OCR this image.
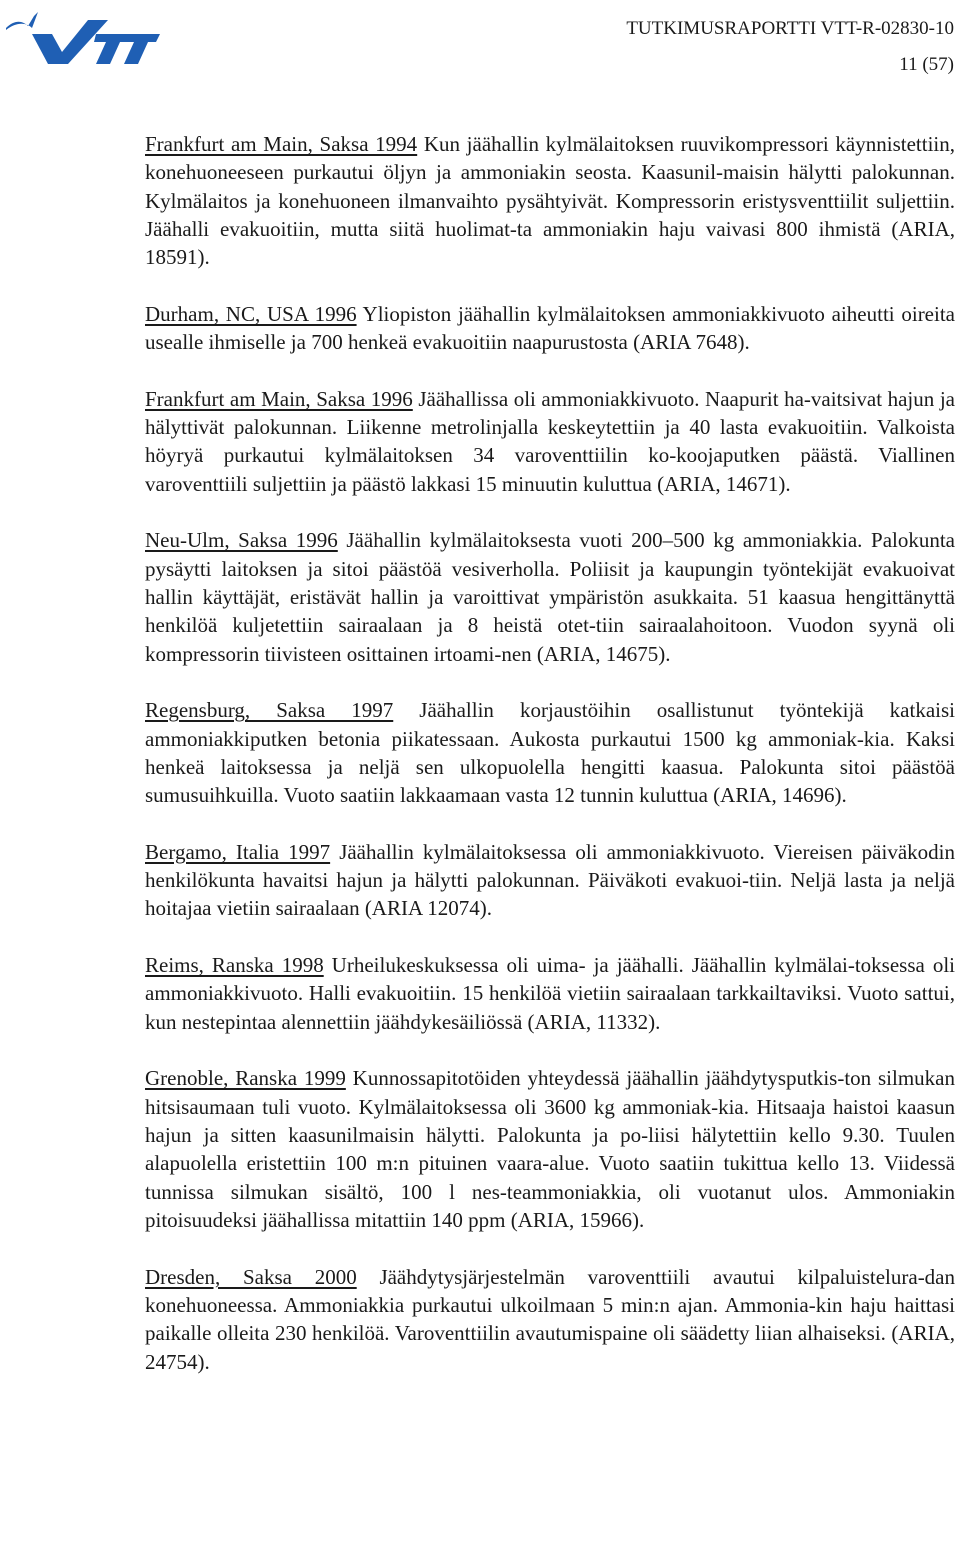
TUTKIMUSRAPORTTI VTT-R-02830-10
11 (57)

Frankfurt am Main, Saksa 1994 Kun jäähallin kylmälaitoksen ruuvikompressori käynnistettiin, konehuoneeseen purkautui öljyn ja ammoniakin seosta. Kaasunil-maisin hälytti palokunnan. Kylmälaitos ja konehuoneen ilmanvaihto pysähtyivät. Kompressorin eristysventtiilit suljettiin. Jäähalli evakuoitiin, mutta siitä huolimat-ta ammoniakin haju vaivasi 800 ihmistä (ARIA, 18591).

Durham, NC, USA 1996 Yliopiston jäähallin kylmälaitoksen ammoniakkivuoto aiheutti oireita usealle ihmiselle ja 700 henkeä evakuoitiin naapurustosta (ARIA 7648).

Frankfurt am Main, Saksa 1996 Jäähallissa oli ammoniakkivuoto. Naapurit ha-vaitsivat hajun ja hälyttivät palokunnan. Liikenne metrolinjalla keskeytettiin ja 40 lasta evakuoitiin. Valkoista höyryä purkautui kylmälaitoksen 34 varoventtiilin ko-koojaputken päästä. Viallinen varoventtiili suljettiin ja päästö lakkasi 15 minuutin kuluttua (ARIA, 14671).

Neu-Ulm, Saksa 1996 Jäähallin kylmälaitoksesta vuoti 200–500 kg ammoniakkia. Palokunta pysäytti laitoksen ja sitoi päästöä vesiverholla. Poliisit ja kaupungin työntekijät evakuoivat hallin käyttäjät, eristävät hallin ja varoittivat ympäristön asukkaita. 51 kaasua hengittänyttä henkilöä kuljetettiin sairaalaan ja 8 heistä otet-tiin sairaalahoitoon. Vuodon syynä oli kompressorin tiivisteen osittainen irtoami-nen (ARIA, 14675).

Regensburg, Saksa 1997 Jäähallin korjaustöihin osallistunut työntekijä katkaisi ammoniakkiputken betonia piikatessaan. Aukosta purkautui 1500 kg ammoniak-kia. Kaksi henkeä laitoksessa ja neljä sen ulkopuolella hengitti kaasua. Palokunta sitoi päästöä sumusuihkuilla. Vuoto saatiin lakkaamaan vasta 12 tunnin kuluttua (ARIA, 14696).

Bergamo, Italia 1997 Jäähallin kylmälaitoksessa oli ammoniakkivuoto. Viereisen päiväkodin henkilökunta havaitsi hajun ja hälytti palokunnan. Päiväkoti evakuoi-tiin. Neljä lasta ja neljä hoitajaa vietiin sairaalaan (ARIA 12074).

Reims, Ranska 1998 Urheilukeskuksessa oli uima- ja jäähalli. Jäähallin kylmälai-toksessa oli ammoniakkivuoto. Halli evakuoitiin. 15 henkilöä vietiin sairaalaan tarkkailtaviksi. Vuoto sattui, kun nestepintaa alennettiin jäähdykesäiliössä (ARIA, 11332).

Grenoble, Ranska 1999 Kunnossapitotöiden yhteydessä jäähallin jäähdytysputkis-ton silmukan hitsisaumaan tuli vuoto. Kylmälaitoksessa oli 3600 kg ammoniak-kia. Hitsaaja haistoi kaasun hajun ja sitten kaasunilmaisin hälytti. Palokunta ja po-liisi hälytettiin kello 9.30. Tuulen alapuolella eristettiin 100 m:n pituinen vaara-alue. Vuoto saatiin tukittua kello 13. Viidessä tunnissa silmukan sisältö, 100 l nes-teammoniakkia, oli vuotanut ulos. Ammoniakin pitoisuudeksi jäähallissa mitattiin 140 ppm (ARIA, 15966).

Dresden, Saksa 2000 Jäähdytysjärjestelmän varoventtiili avautui kilpaluistelura-dan konehuoneessa. Ammoniakkia purkautui ulkoilmaan 5 min:n ajan. Ammonia-kin haju haittasi paikalle olleita 230 henkilöä. Varoventtiilin avautumispaine oli säädetty liian alhaiseksi. (ARIA, 24754).
